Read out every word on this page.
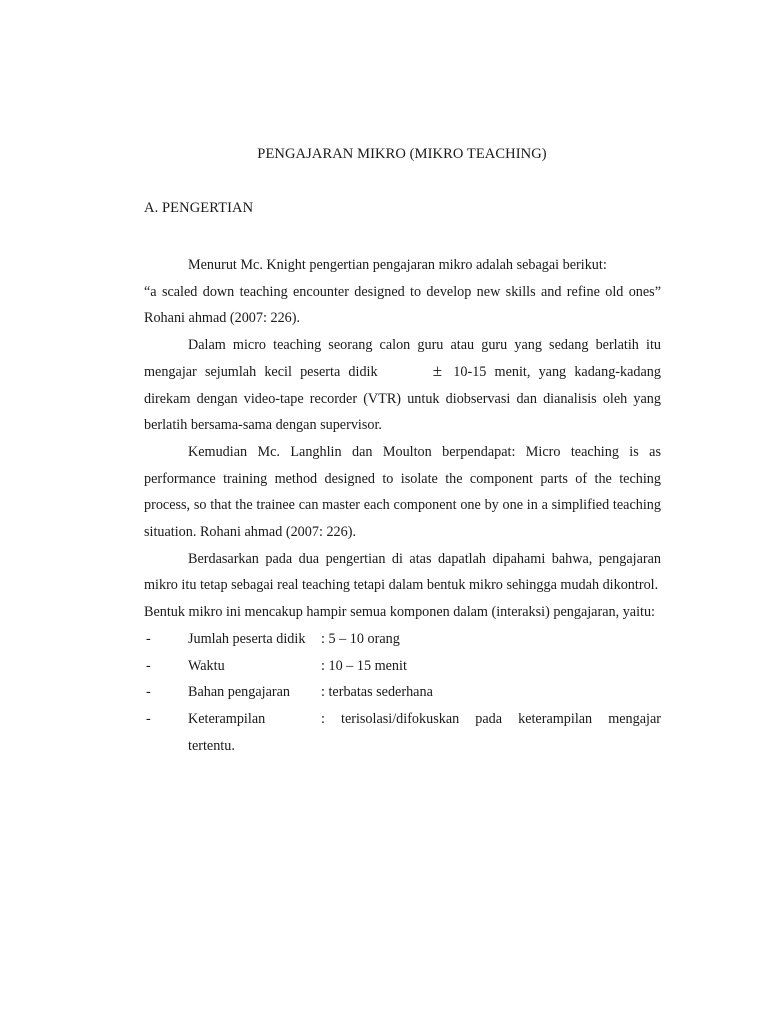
PENGAJARAN MIKRO (MIKRO TEACHING)
A. PENGERTIAN

Menurut Mc. Knight pengertian pengajaran mikro adalah sebagai berikut:

“a scaled down teaching encounter designed to develop new skills and refine old ones” Rohani ahmad (2007: 226).

Dalam micro teaching seorang calon guru atau guru yang sedang berlatih itu mengajar sejumlah kecil peserta didik	± 10-15 menit, yang kadang-kadang direkam dengan video-tape recorder (VTR) untuk diobservasi dan dianalisis oleh yang berlatih bersama-sama dengan supervisor.

Kemudian Mc. Langhlin dan Moulton berpendapat: Micro teaching is as performance training method designed to isolate the component parts of the teching process, so that the trainee can master each component one by one in a simplified teaching situation. Rohani ahmad (2007: 226).

Berdasarkan pada dua pengertian di atas dapatlah dipahami bahwa, pengajaran mikro itu tetap sebagai real teaching tetapi dalam bentuk mikro sehingga mudah dikontrol.

Bentuk mikro ini mencakup hampir semua komponen dalam (interaksi) pengajaran, yaitu:

-	Jumlah peserta didik	: 5 – 10 orang
-	Waktu	: 10 – 15 menit
-	Bahan pengajaran	: terbatas sederhana
-	Keterampilan	: terisolasi/difokuskan pada keterampilan mengajar
tertentu.
